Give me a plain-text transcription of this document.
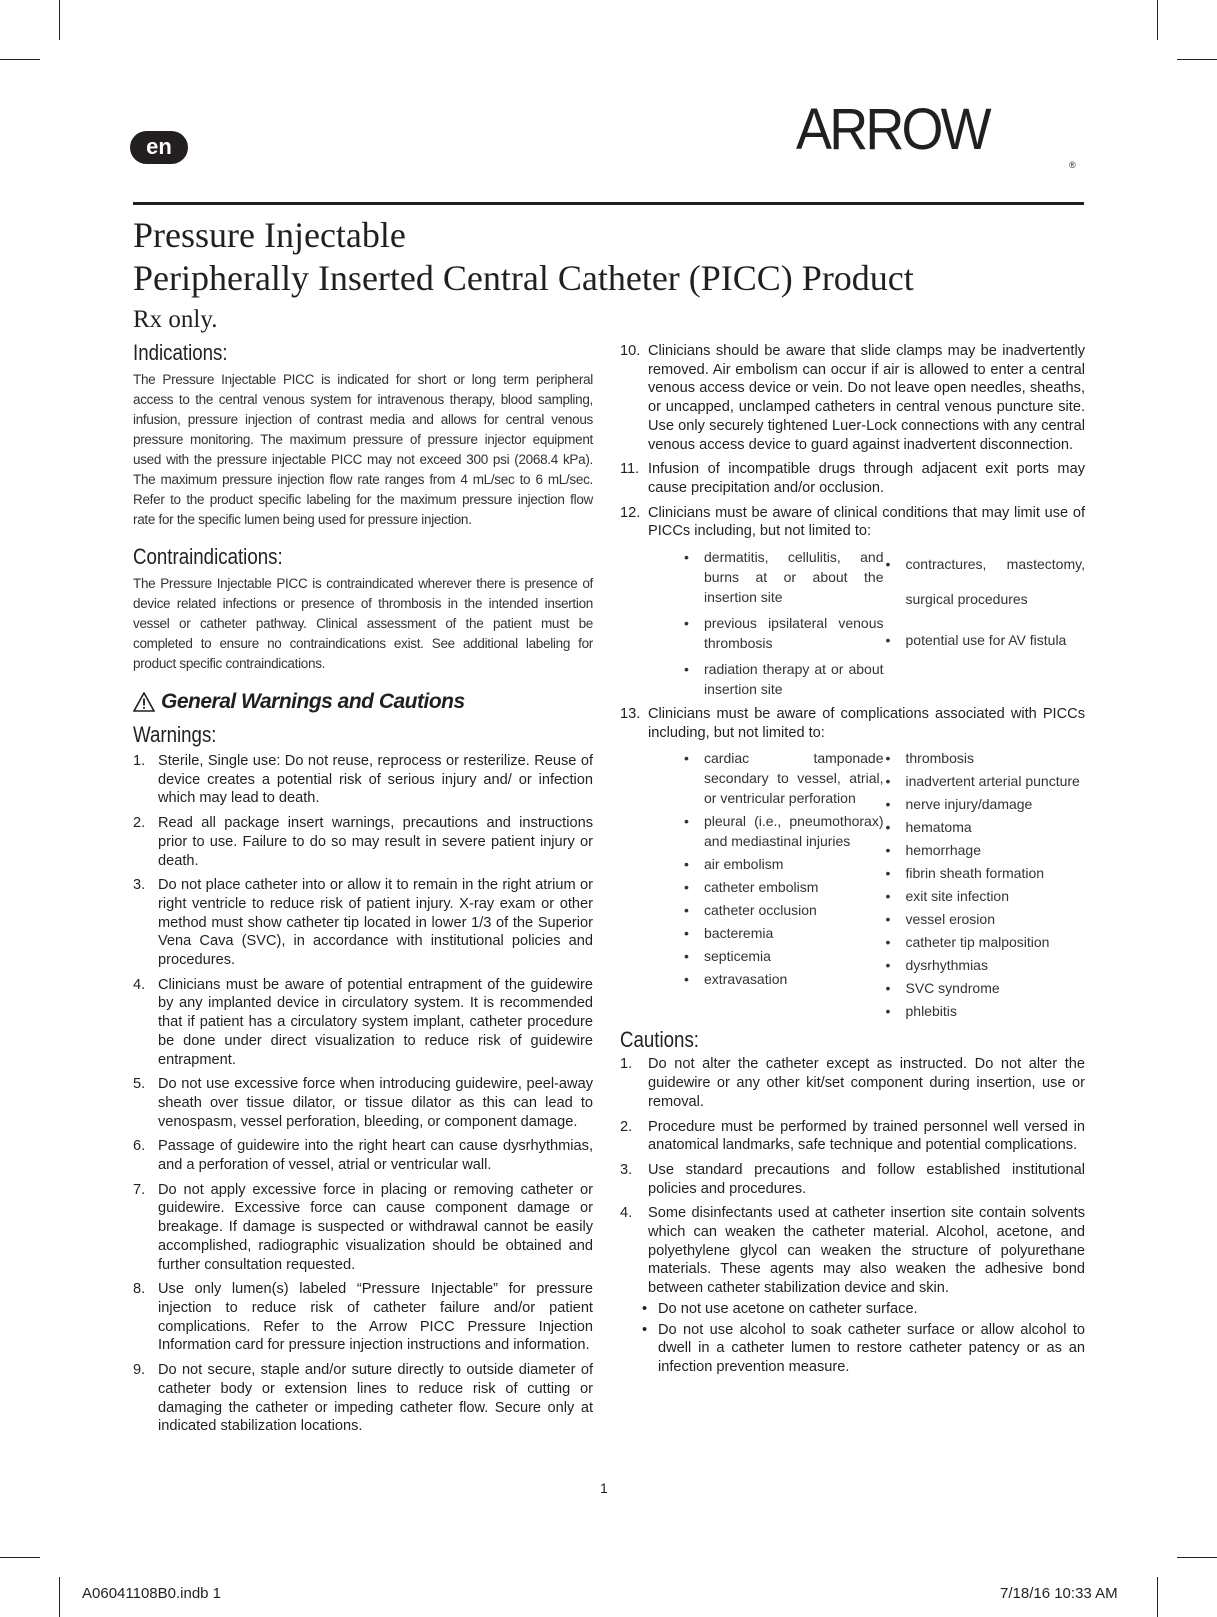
en	ARROW
®
Pressure Injectable
Peripherally Inserted Central Catheter (PICC) Product
Rx only.
Indications:
The Pressure Injectable PICC is indicated for short or long term peripheral access to the central venous system for intravenous therapy, blood sampling, infusion, pressure injection of contrast media and allows for central venous pressure monitoring. The maximum pressure of pressure injector equipment used with the pressure injectable PICC may not exceed 300 psi (2068.4 kPa). The maximum pressure injection flow rate ranges from 4 mL/sec to 6 mL/sec. Refer to the product specific labeling for the maximum pressure injection flow rate for the specific lumen being used for pressure injection.
Contraindications:
The Pressure Injectable PICC is contraindicated wherever there is presence of device related infections or presence of thrombosis in the intended insertion vessel or catheter pathway. Clinical assessment of the patient must be completed to ensure no contraindications exist. See additional labeling for product specific contraindications.
General Warnings and Cautions
Warnings:
1. Sterile, Single use: Do not reuse, reprocess or resterilize. Reuse of device creates a potential risk of serious injury and/ or infection which may lead to death.
2. Read all package insert warnings, precautions and instructions prior to use. Failure to do so may result in severe patient injury or death.
3. Do not place catheter into or allow it to remain in the right atrium or right ventricle to reduce risk of patient injury. X-ray exam or other method must show catheter tip located in lower 1/3 of the Superior Vena Cava (SVC), in accordance with institutional policies and procedures.
4. Clinicians must be aware of potential entrapment of the guidewire by any implanted device in circulatory system. It is recommended that if patient has a circulatory system implant, catheter procedure be done under direct visualization to reduce risk of guidewire entrapment.
5. Do not use excessive force when introducing guidewire, peel-away sheath over tissue dilator, or tissue dilator as this can lead to venospasm, vessel perforation, bleeding, or component damage.
6. Passage of guidewire into the right heart can cause dysrhythmias, and a perforation of vessel, atrial or ventricular wall.
7. Do not apply excessive force in placing or removing catheter or guidewire. Excessive force can cause component damage or breakage. If damage is suspected or withdrawal cannot be easily accomplished, radiographic visualization should be obtained and further consultation requested.
8. Use only lumen(s) labeled “Pressure Injectable” for pressure injection to reduce risk of catheter failure and/or patient complications. Refer to the Arrow PICC Pressure Injection Information card for pressure injection instructions and information.
9. Do not secure, staple and/or suture directly to outside diameter of catheter body or extension lines to reduce risk of cutting or damaging the catheter or impeding catheter flow. Secure only at indicated stabilization locations.
10. Clinicians should be aware that slide clamps may be inadvertently removed. Air embolism can occur if air is allowed to enter a central venous access device or vein. Do not leave open needles, sheaths, or uncapped, unclamped catheters in central venous puncture site. Use only securely tightened Luer-Lock connections with any central venous access device to guard against inadvertent disconnection.
11. Infusion of incompatible drugs through adjacent exit ports may cause precipitation and/or occlusion.
12. Clinicians must be aware of clinical conditions that may limit use of PICCs including, but not limited to:
• dermatitis, cellulitis, and burns at or about the insertion site
• previous ipsilateral venous thrombosis
• radiation therapy at or about insertion site
• contractures, mastectomy, surgical procedures
• potential use for AV fistula
13. Clinicians must be aware of complications associated with PICCs including, but not limited to:
• cardiac tamponade secondary to vessel, atrial, or ventricular perforation
• pleural (i.e., pneumothorax) and mediastinal injuries
• air embolism
• catheter embolism
• catheter occlusion
• bacteremia
• septicemia
• extravasation
• thrombosis
• inadvertent arterial puncture
• nerve injury/damage
• hematoma
• hemorrhage
• fibrin sheath formation
• exit site infection
• vessel erosion
• catheter tip malposition
• dysrhythmias
• SVC syndrome
• phlebitis
Cautions:
1. Do not alter the catheter except as instructed. Do not alter the guidewire or any other kit/set component during insertion, use or removal.
2. Procedure must be performed by trained personnel well versed in anatomical landmarks, safe technique and potential complications.
3. Use standard precautions and follow established institutional policies and procedures.
4. Some disinfectants used at catheter insertion site contain solvents which can weaken the catheter material. Alcohol, acetone, and polyethylene glycol can weaken the structure of polyurethane materials. These agents may also weaken the adhesive bond between catheter stabilization device and skin.
• Do not use acetone on catheter surface.
• Do not use alcohol to soak catheter surface or allow alcohol to dwell in a catheter lumen to restore catheter patency or as an infection prevention measure.
1
A06041108B0.indb 1	7/18/16 10:33 AM
